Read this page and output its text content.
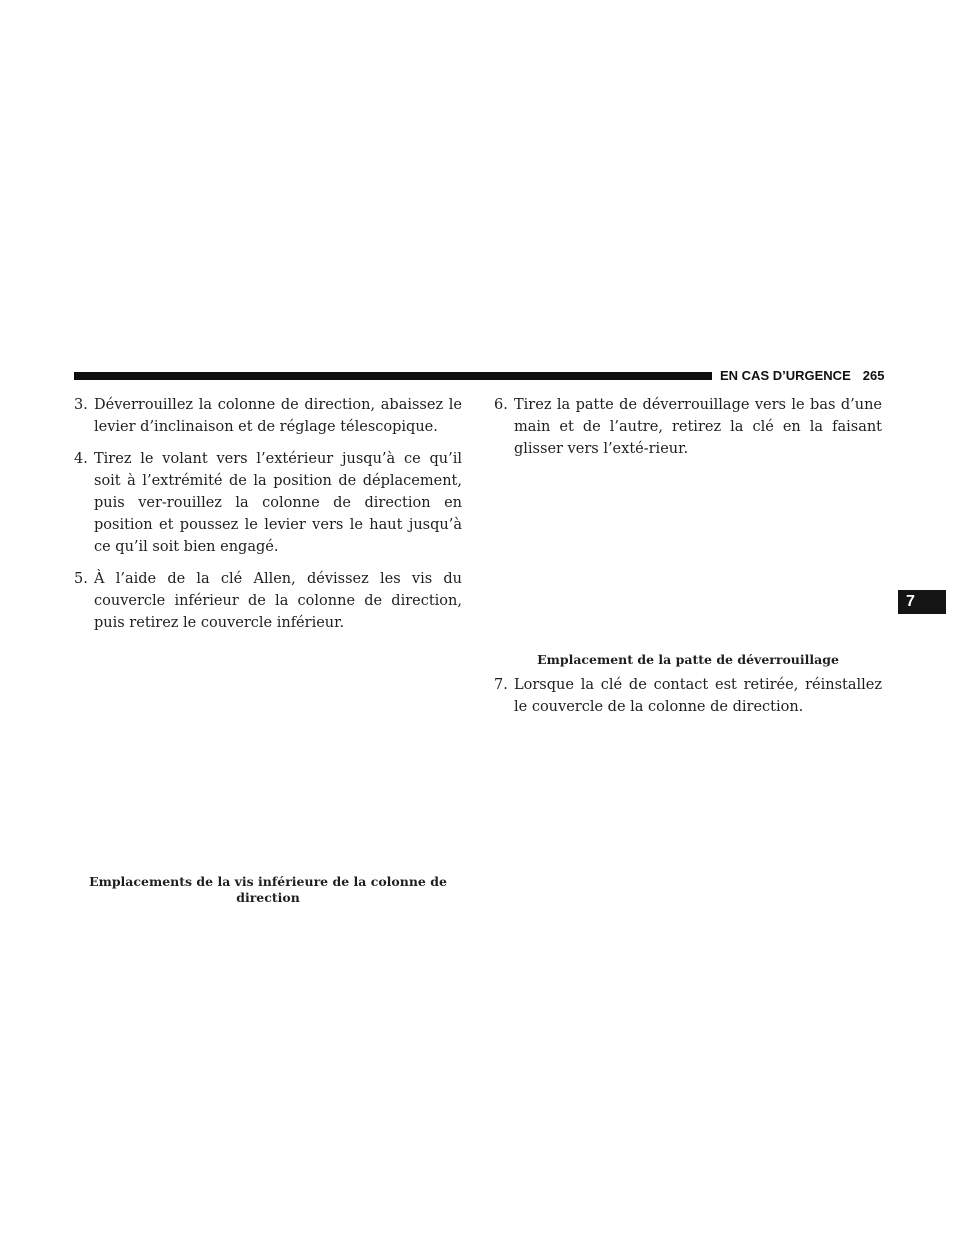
EN CAS D’URGENCE 265
7
3. Déverrouillez la colonne de direction, abaissez le levier d’inclinaison et de réglage télescopique.
4. Tirez le volant vers l’extérieur jusqu’à ce qu’il soit à l’extrémité de la position de déplacement, puis ver-rouillez la colonne de direction en position et poussez le levier vers le haut jusqu’à ce qu’il soit bien engagé.
5. À l’aide de la clé Allen, dévissez les vis du couvercle inférieur de la colonne de direction, puis retirez le couvercle inférieur.
Emplacements de la vis inférieure de la colonne de direction
6. Tirez la patte de déverrouillage vers le bas d’une main et de l’autre, retirez la clé en la faisant glisser vers l’exté-rieur.
Emplacement de la patte de déverrouillage
7. Lorsque la clé de contact est retirée, réinstallez le couvercle de la colonne de direction.
